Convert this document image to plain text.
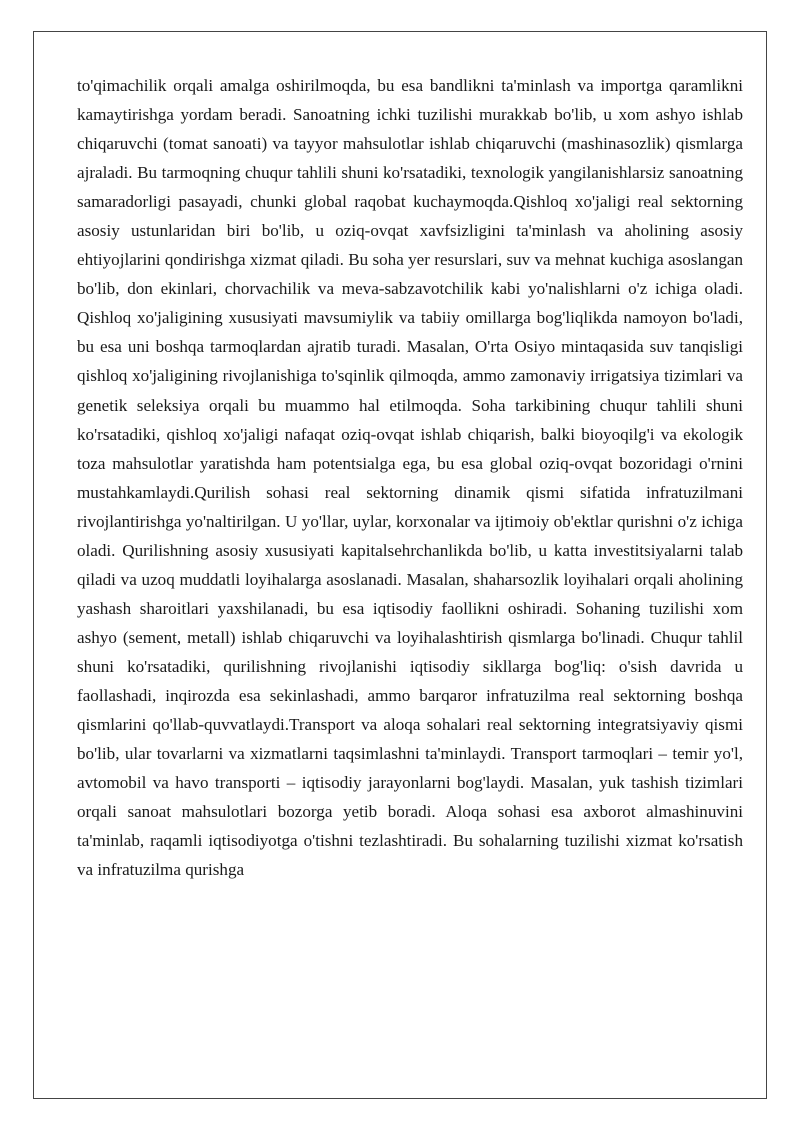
to'qimachilik orqali amalga oshirilmoqda, bu esa bandlikni ta'minlash va importga qaramlikni kamaytirishga yordam beradi. Sanoatning ichki tuzilishi murakkab bo'lib, u xom ashyo ishlab chiqaruvchi (tomat sanoati) va tayyor mahsulotlar ishlab chiqaruvchi (mashinasozlik) qismlarga ajraladi. Bu tarmoqning chuqur tahlili shuni ko'rsatadiki, texnologik yangilanishlarsiz sanoatning samaradorligi pasayadi, chunki global raqobat kuchaymoqda.Qishloq xo'jaligi real sektorning asosiy ustunlaridan biri bo'lib, u oziq-ovqat xavfsizligini ta'minlash va aholining asosiy ehtiyojlarini qondirishga xizmat qiladi. Bu soha yer resurslari, suv va mehnat kuchiga asoslangan bo'lib, don ekinlari, chorvachilik va meva-sabzavotchilik kabi yo'nalishlarni o'z ichiga oladi. Qishloq xo'jaligining xususiyati mavsumiylik va tabiiy omillarga bog'liqlikda namoyon bo'ladi, bu esa uni boshqa tarmoqlardan ajratib turadi. Masalan, O'rta Osiyo mintaqasida suv tanqisligi qishloq xo'jaligining rivojlanishiga to'sqinlik qilmoqda, ammo zamonaviy irrigatsiya tizimlari va genetik seleksiya orqali bu muammo hal etilmoqda. Soha tarkibining chuqur tahlili shuni ko'rsatadiki, qishloq xo'jaligi nafaqat oziq-ovqat ishlab chiqarish, balki bioyoqilg'i va ekologik toza mahsulotlar yaratishda ham potentsialga ega, bu esa global oziq-ovqat bozoridagi o'rnini mustahkamlaydi.Qurilish sohasi real sektorning dinamik qismi sifatida infratuzilmani rivojlantirishga yo'naltirilgan. U yo'llar, uylar, korxonalar va ijtimoiy ob'ektlar qurishni o'z ichiga oladi. Qurilishning asosiy xususiyati kapitalsehrchanlikda bo'lib, u katta investitsiyalarni talab qiladi va uzoq muddatli loyihalarga asoslanadi. Masalan, shaharsozlik loyihalari orqali aholining yashash sharoitlari yaxshilanadi, bu esa iqtisodiy faollikni oshiradi. Sohaning tuzilishi xom ashyo (sement, metall) ishlab chiqaruvchi va loyihalashtirish qismlarga bo'linadi. Chuqur tahlil shuni ko'rsatadiki, qurilishning rivojlanishi iqtisodiy sikllarga bog'liq: o'sish davrida u faollashadi, inqirozda esa sekinlashadi, ammo barqaror infratuzilma real sektorning boshqa qismlarini qo'llab-quvvatlaydi.Transport va aloqa sohalari real sektorning integratsiyaviy qismi bo'lib, ular tovarlarni va xizmatlarni taqsimlashni ta'minlaydi. Transport tarmoqlari – temir yo'l, avtomobil va havo transporti – iqtisodiy jarayonlarni bog'laydi. Masalan, yuk tashish tizimlari orqali sanoat mahsulotlari bozorga yetib boradi. Aloqa sohasi esa axborot almashinuvini ta'minlab, raqamli iqtisodiyotga o'tishni tezlashtiradi. Bu sohalarning tuzilishi xizmat ko'rsatish va infratuzilma qurishga
